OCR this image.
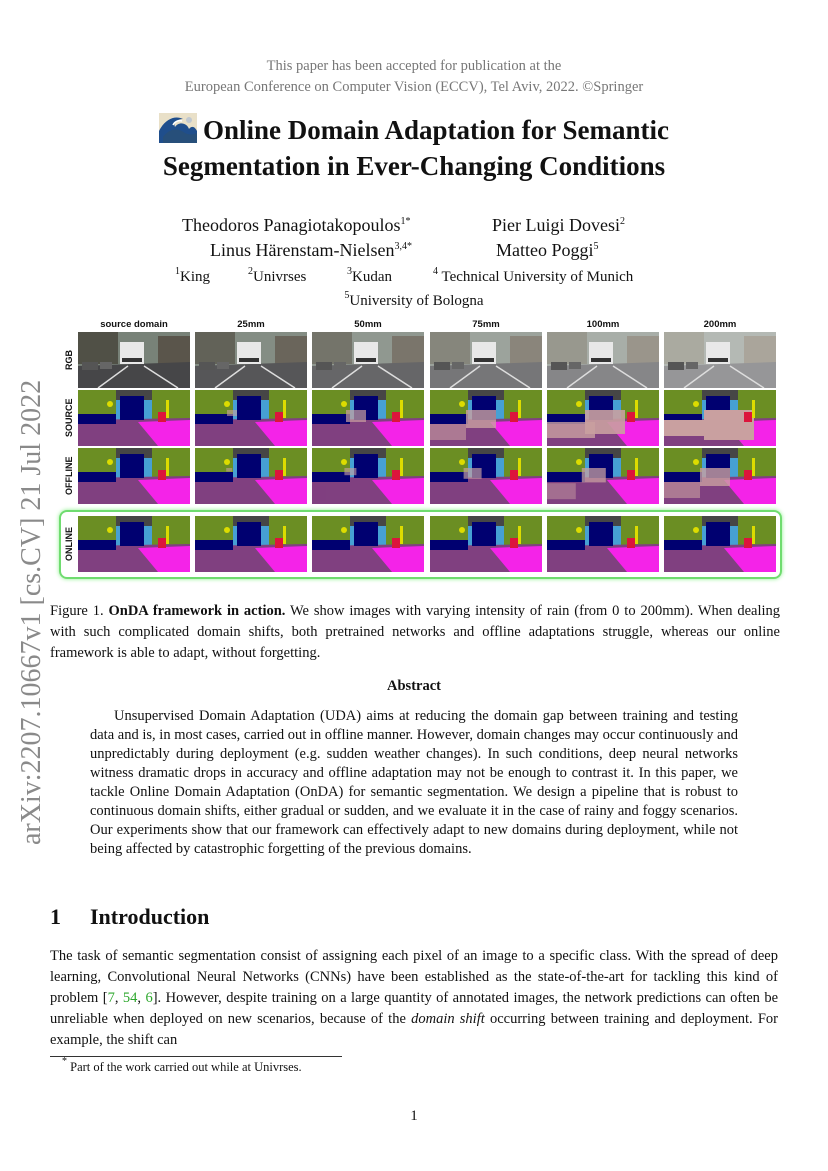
This paper has been accepted for publication at the
European Conference on Computer Vision (ECCV), Tel Aviv, 2022. ©Springer
Online Domain Adaptation for Semantic
Segmentation in Ever-Changing Conditions
Theodoros Panagiotakopoulos$^{1*}$	Pier Luigi Dovesi$^2$
Linus Härenstam-Nielsen$^{3,4*}$	Matteo Poggi$^5$
$^1$King	$^2$Univrses	$^3$Kudan	$^4$ Technical University of Munich
$^5$University of Bologna
arXiv:2207.10667v1 [cs.CV] 21 Jul 2022
source domain	25mm	50mm	75mm	100mm	200mm
RGB
SOURCE
OFFLINE
ONLINE
Figure 1. OnDA framework in action. We show images with varying intensity of rain (from 0 to 200mm). When dealing with such complicated domain shifts, both pretrained networks and offline adaptations struggle, whereas our online framework is able to adapt, without forgetting.
Abstract
Unsupervised Domain Adaptation (UDA) aims at reducing the domain gap between training and testing data and is, in most cases, carried out in offline manner. However, domain changes may occur continuously and unpredictably during deployment (e.g. sudden weather changes). In such conditions, deep neural networks witness dramatic drops in accuracy and offline adaptation may not be enough to contrast it. In this paper, we tackle Online Domain Adaptation (OnDA) for semantic segmentation. We design a pipeline that is robust to continuous domain shifts, either gradual or sudden, and we evaluate it in the case of rainy and foggy scenarios. Our experiments show that our framework can effectively adapt to new domains during deployment, while not being affected by catastrophic forgetting of the previous domains.
1 Introduction
The task of semantic segmentation consist of assigning each pixel of an image to a specific class. With the spread of deep learning, Convolutional Neural Networks (CNNs) have been established as the state-of-the-art for tackling this kind of problem [7, 54, 6]. However, despite training on a large quantity of annotated images, the network predictions can often be unreliable when deployed on new scenarios, because of the domain shift occurring between training and deployment. For example, the shift can
* Part of the work carried out while at Univrses.
1
